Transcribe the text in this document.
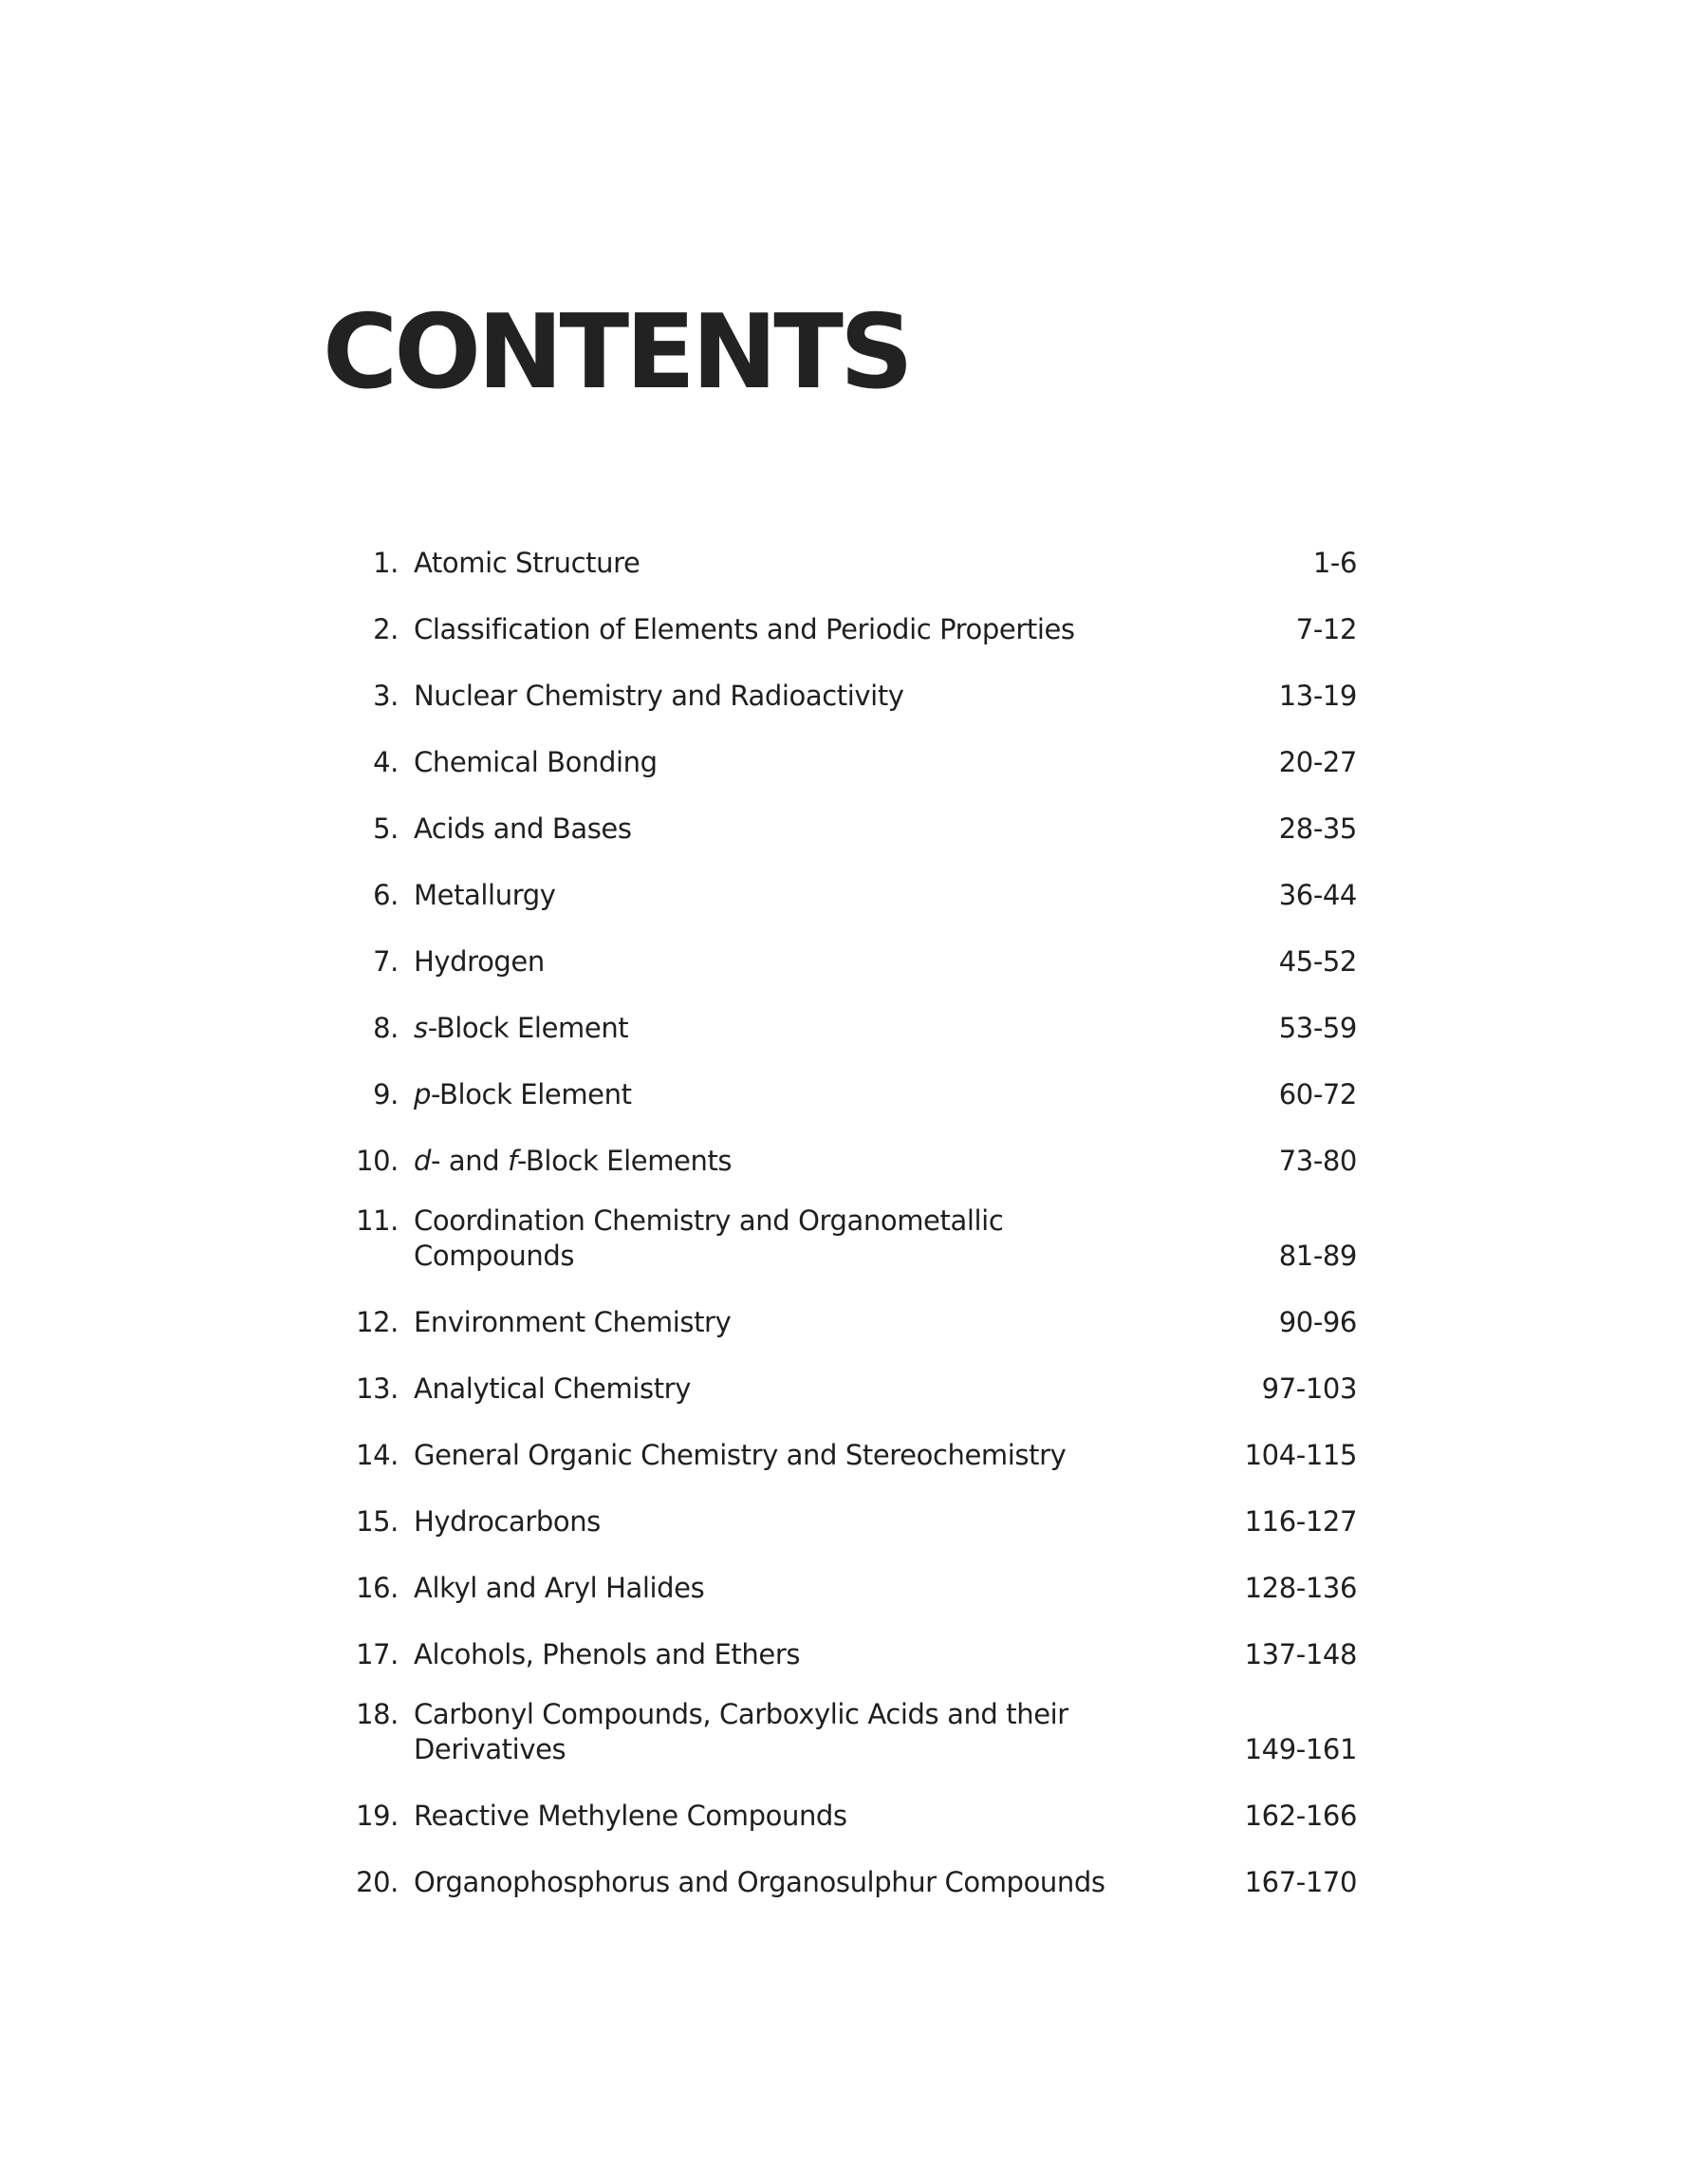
CONTENTS
1. Atomic Structure	1-6
2. Classification of Elements and Periodic Properties	7-12
3. Nuclear Chemistry and Radioactivity	13-19
4. Chemical Bonding	20-27
5. Acids and Bases	28-35
6. Metallurgy	36-44
7. Hydrogen	45-52
8. s-Block Element	53-59
9. p-Block Element	60-72
10. d- and f-Block Elements	73-80
11. Coordination Chemistry and Organometallic
Compounds	81-89
12. Environment Chemistry	90-96
13. Analytical Chemistry	97-103
14. General Organic Chemistry and Stereochemistry	104-115
15. Hydrocarbons	116-127
16. Alkyl and Aryl Halides	128-136
17. Alcohols, Phenols and Ethers	137-148
18. Carbonyl Compounds, Carboxylic Acids and their
Derivatives	149-161
19. Reactive Methylene Compounds	162-166
20. Organophosphorus and Organosulphur Compounds	167-170
